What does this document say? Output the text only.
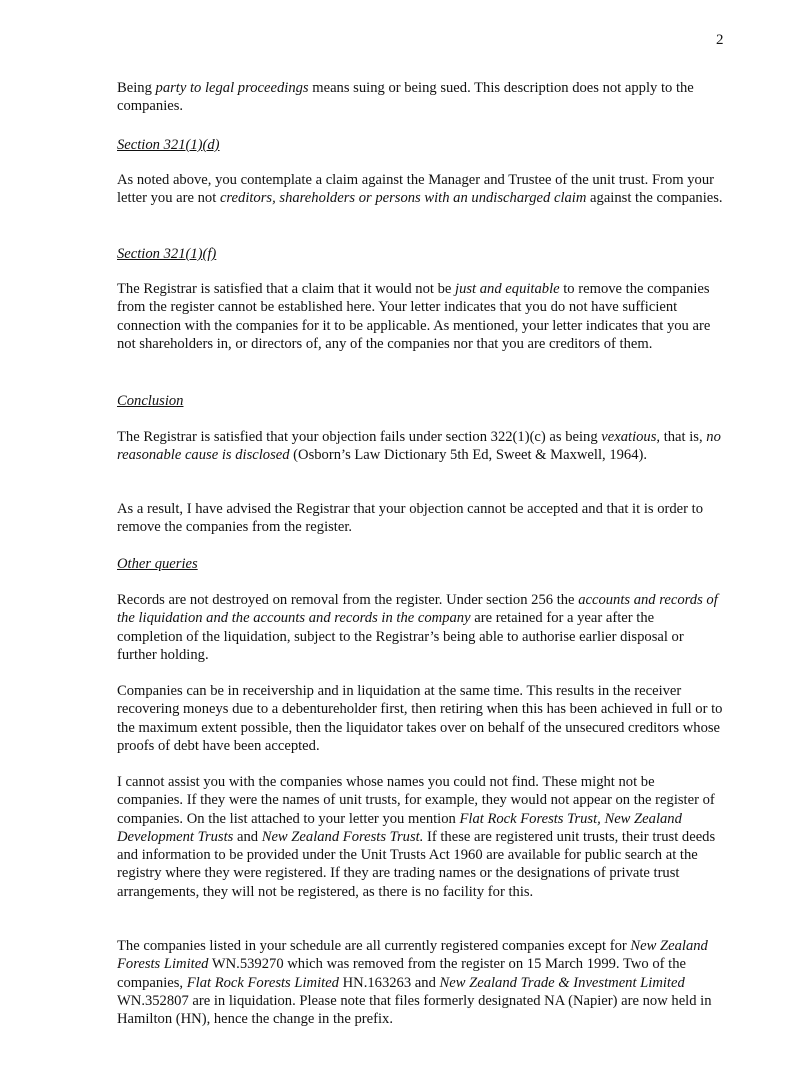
2

Being party to legal proceedings means suing or being sued. This description does not apply to the companies.

Section 321(1)(d)

As noted above, you contemplate a claim against the Manager and Trustee of the unit trust. From your letter you are not creditors, shareholders or persons with an undischarged claim against the companies.

Section 321(1)(f)

The Registrar is satisfied that a claim that it would not be just and equitable to remove the companies from the register cannot be established here. Your letter indicates that you do not have sufficient connection with the companies for it to be applicable. As mentioned, your letter indicates that you are not shareholders in, or directors of, any of the companies nor that you are creditors of them.

Conclusion

The Registrar is satisfied that your objection fails under section 322(1)(c) as being vexatious, that is, no reasonable cause is disclosed (Osborn’s Law Dictionary 5th Ed, Sweet & Maxwell, 1964).

As a result, I have advised the Registrar that your objection cannot be accepted and that it is order to remove the companies from the register.

Other queries

Records are not destroyed on removal from the register. Under section 256 the accounts and records of the liquidation and the accounts and records in the company are retained for a year after the completion of the liquidation, subject to the Registrar’s being able to authorise earlier disposal or further holding.

Companies can be in receivership and in liquidation at the same time. This results in the receiver recovering moneys due to a debentureholder first, then retiring when this has been achieved in full or to the maximum extent possible, then the liquidator takes over on behalf of the unsecured creditors whose proofs of debt have been accepted.

I cannot assist you with the companies whose names you could not find. These might not be companies. If they were the names of unit trusts, for example, they would not appear on the register of companies. On the list attached to your letter you mention Flat Rock Forests Trust, New Zealand Development Trusts and New Zealand Forests Trust. If these are registered unit trusts, their trust deeds and information to be provided under the Unit Trusts Act 1960 are available for public search at the registry where they were registered. If they are trading names or the designations of private trust arrangements, they will not be registered, as there is no facility for this.

The companies listed in your schedule are all currently registered companies except for New Zealand Forests Limited WN.539270 which was removed from the register on 15 March 1999. Two of the companies, Flat Rock Forests Limited HN.163263 and New Zealand Trade & Investment Limited WN.352807 are in liquidation. Please note that files formerly designated NA (Napier) are now held in Hamilton (HN), hence the change in the prefix.
